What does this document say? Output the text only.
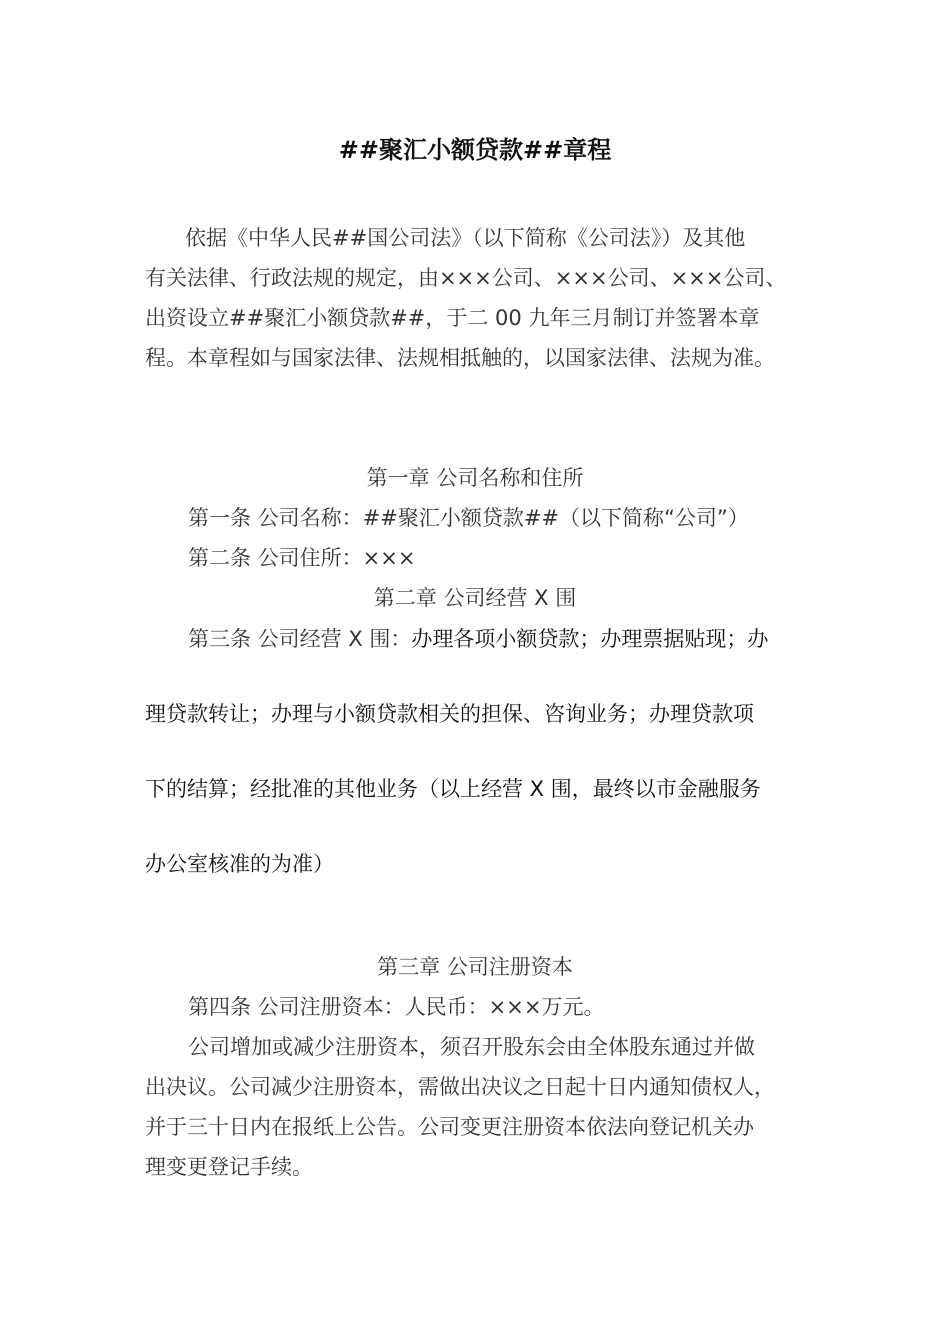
##聚汇小额贷款##章程
依据《中华人民##国公司法》（以下简称《公司法》）及其他
有关法律、行政法规的规定，由×××公司、×××公司、×××公司、
出资设立##聚汇小额贷款##，于二 00 九年三月制订并签署本章
程。本章程如与国家法律、法规相抵触的，以国家法律、法规为准。
第一章 公司名称和住所
第一条 公司名称：##聚汇小额贷款##（以下简称“公司”）
第二条 公司住所：×××
第二章 公司经营 X 围
第三条 公司经营 X 围：办理各项小额贷款；办理票据贴现；办
理贷款转让；办理与小额贷款相关的担保、咨询业务；办理贷款项
下的结算；经批准的其他业务（以上经营 X 围，最终以市金融服务
办公室核准的为准）
第三章 公司注册资本
第四条 公司注册资本：人民币：×××万元。
公司增加或减少注册资本，须召开股东会由全体股东通过并做
出决议。公司减少注册资本，需做出决议之日起十日内通知债权人，
并于三十日内在报纸上公告。公司变更注册资本依法向登记机关办
理变更登记手续。
